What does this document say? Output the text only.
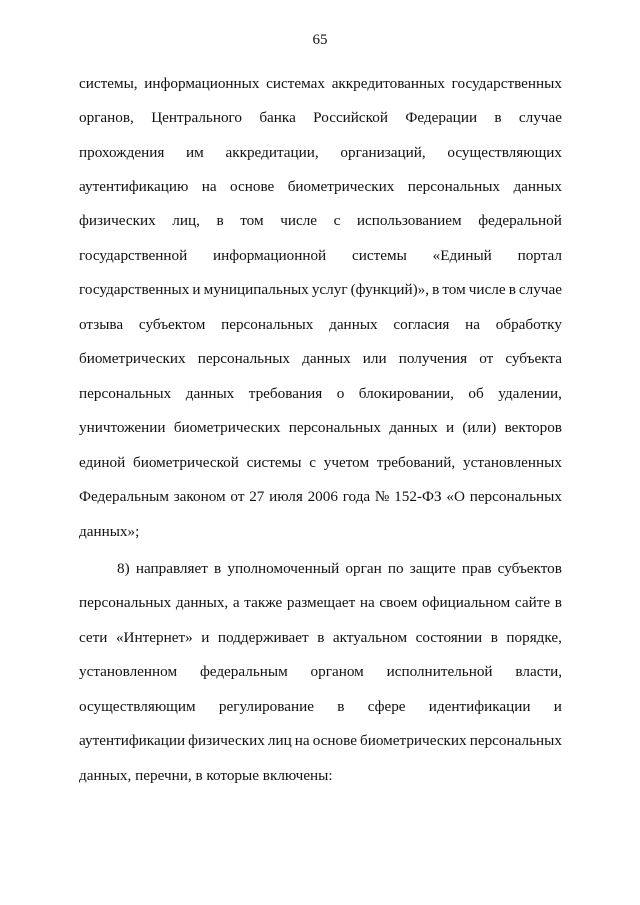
65
системы, информационных системах аккредитованных государственных
органов, Центрального банка Российской Федерации в случае
прохождения им аккредитации, организаций, осуществляющих
аутентификацию на основе биометрических персональных данных
физических лиц, в том числе с использованием федеральной
государственной информационной системы «Единый портал
государственных и муниципальных услуг (функций)», в том числе в случае
отзыва субъектом персональных данных согласия на обработку
биометрических персональных данных или получения от субъекта
персональных данных требования о блокировании, об удалении,
уничтожении биометрических персональных данных и (или) векторов
единой биометрической системы с учетом требований, установленных
Федеральным законом от 27 июля 2006 года № 152-ФЗ «О персональных
данных»;
8) направляет в уполномоченный орган по защите прав субъектов
персональных данных, а также размещает на своем официальном сайте в
сети «Интернет» и поддерживает в актуальном состоянии в порядке,
установленном федеральным органом исполнительной власти,
осуществляющим регулирование в сфере идентификации и
аутентификации физических лиц на основе биометрических персональных
данных, перечни, в которые включены:
